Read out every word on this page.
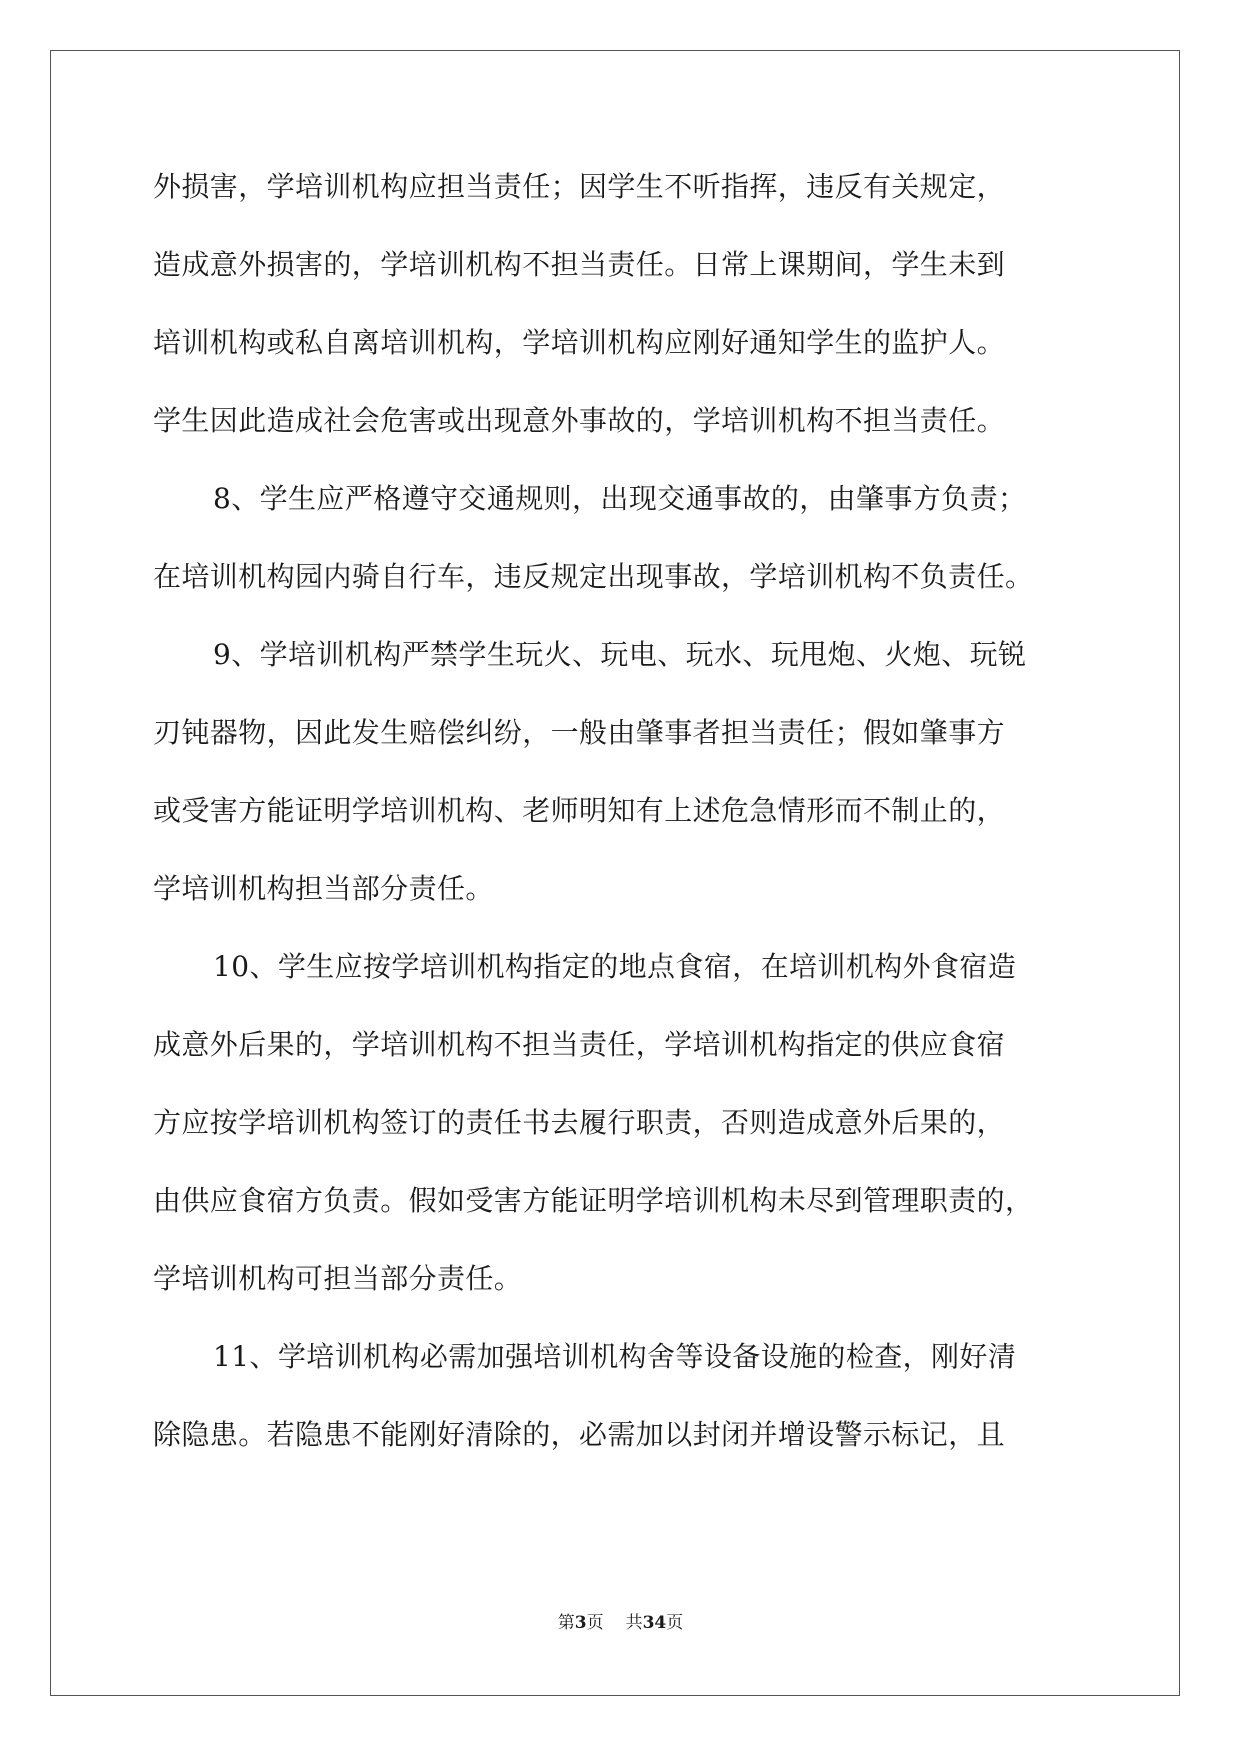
外损害，学培训机构应担当责任；因学生不听指挥，违反有关规定，
造成意外损害的，学培训机构不担当责任。日常上课期间，学生未到
培训机构或私自离培训机构，学培训机构应刚好通知学生的监护人。
学生因此造成社会危害或出现意外事故的，学培训机构不担当责任。
8、学生应严格遵守交通规则，出现交通事故的，由肇事方负责；
在培训机构园内骑自行车，违反规定出现事故，学培训机构不负责任。
9、学培训机构严禁学生玩火、玩电、玩水、玩甩炮、火炮、玩锐
刃钝器物，因此发生赔偿纠纷，一般由肇事者担当责任；假如肇事方
或受害方能证明学培训机构、老师明知有上述危急情形而不制止的，
学培训机构担当部分责任。
10、学生应按学培训机构指定的地点食宿，在培训机构外食宿造
成意外后果的，学培训机构不担当责任，学培训机构指定的供应食宿
方应按学培训机构签订的责任书去履行职责，否则造成意外后果的，
由供应食宿方负责。假如受害方能证明学培训机构未尽到管理职责的，
学培训机构可担当部分责任。
11、学培训机构必需加强培训机构舍等设备设施的检查，刚好清
除隐患。若隐患不能刚好清除的，必需加以封闭并增设警示标记，且
第3页 共34页
